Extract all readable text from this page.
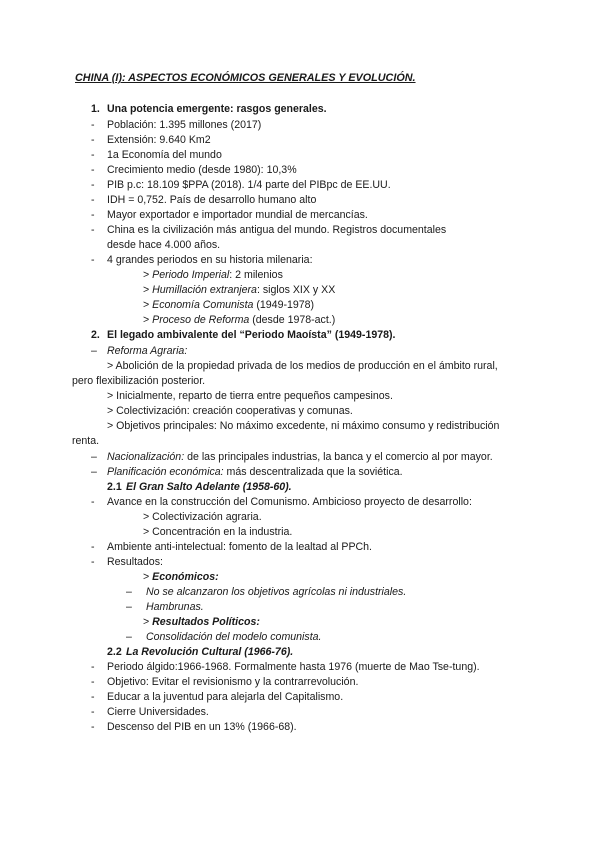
CHINA (I): ASPECTOS ECONÓMICOS GENERALES Y EVOLUCIÓN.
1. Una potencia emergente: rasgos generales.
- Población: 1.395 millones (2017)
- Extensión: 9.640 Km2
- 1a Economía del mundo
- Crecimiento medio (desde 1980): 10,3%
- PIB p.c: 18.109 $PPA (2018). 1/4 parte del PIBpc de EE.UU.
- IDH = 0,752. País de desarrollo humano alto
- Mayor exportador e importador mundial de mercancías.
- China es la civilización más antigua del mundo. Registros documentales
desde hace 4.000 años.
- 4 grandes periodos en su historia milenaria:
> Periodo Imperial: 2 milenios
> Humillación extranjera: siglos XIX y XX
> Economía Comunista (1949-1978)
> Proceso de Reforma (desde 1978-act.)
2. El legado ambivalente del “Periodo Maoísta” (1949-1978).
– Reforma Agraria:
> Abolición de la propiedad privada de los medios de producción en el ámbito rural,
pero flexibilización posterior.
> Inicialmente, reparto de tierra entre pequeños campesinos.
> Colectivización: creación cooperativas y comunas.
> Objetivos principales: No máximo excedente, ni máximo consumo y redistribución
renta.
– Nacionalización: de las principales industrias, la banca y el comercio al por mayor.
– Planificación económica: más descentralizada que la soviética.
2.1 El Gran Salto Adelante (1958-60).
- Avance en la construcción del Comunismo. Ambicioso proyecto de desarrollo:
> Colectivización agraria.
> Concentración en la industria.
- Ambiente anti-intelectual: fomento de la lealtad al PPCh.
- Resultados:
> Económicos:
– No se alcanzaron los objetivos agrícolas ni industriales.
– Hambrunas.
> Resultados Políticos:
– Consolidación del modelo comunista.
2.2 La Revolución Cultural (1966-76).
- Periodo álgido:1966-1968. Formalmente hasta 1976 (muerte de Mao Tse-tung).
- Objetivo: Evitar el revisionismo y la contrarrevolución.
- Educar a la juventud para alejarla del Capitalismo.
- Cierre Universidades.
- Descenso del PIB en un 13% (1966-68).
